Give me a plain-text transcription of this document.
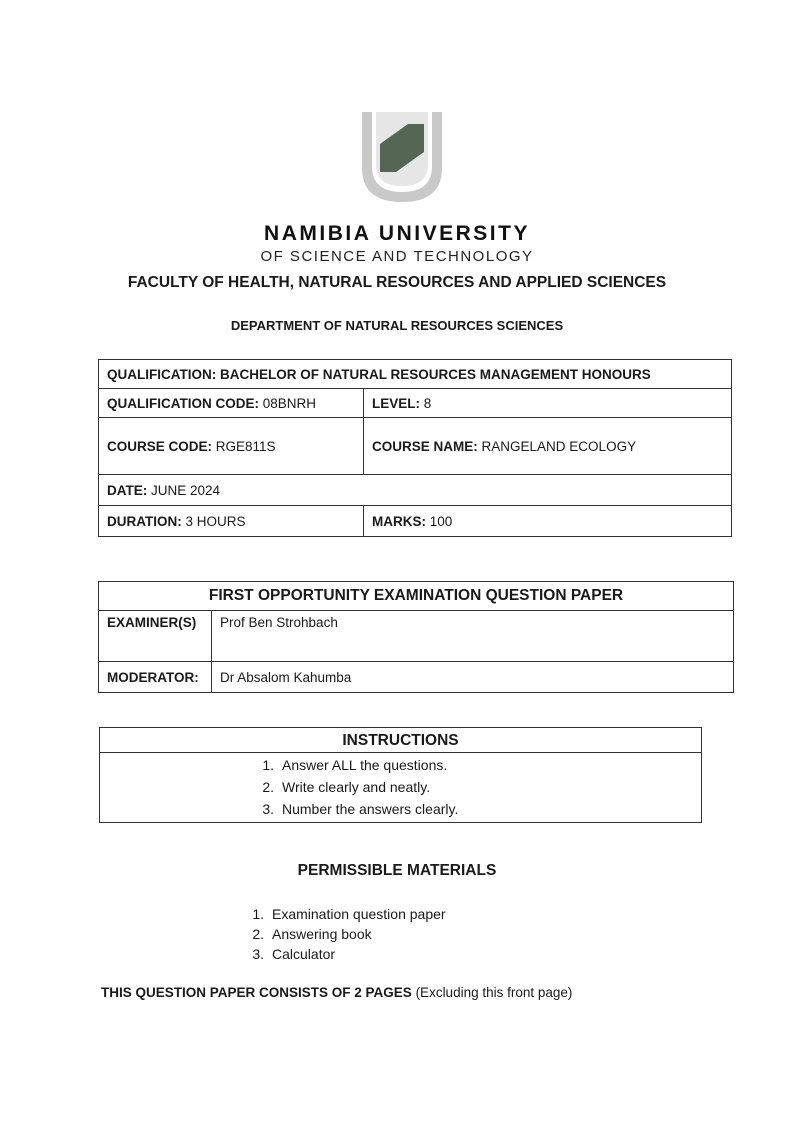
NAMIBIA UNIVERSITY
OF SCIENCE AND TECHNOLOGY
FACULTY OF HEALTH, NATURAL RESOURCES AND APPLIED SCIENCES
DEPARTMENT OF NATURAL RESOURCES SCIENCES
QUALIFICATION: BACHELOR OF NATURAL RESOURCES MANAGEMENT HONOURS	
QUALIFICATION CODE: 08BNRH	LEVEL: 8
COURSE CODE: RGE811S	COURSE NAME: RANGELAND ECOLOGY
DATE: JUNE 2024	
DURATION: 3 HOURS	MARKS: 100
FIRST OPPORTUNITY EXAMINATION QUESTION PAPER	
EXAMINER(S)	Prof Ben Strohbach
MODERATOR:	Dr Absalom Kahumba
INSTRUCTIONS
1. Answer ALL the questions.
2. Write clearly and neatly.
3. Number the answers clearly.
PERMISSIBLE MATERIALS
1. Examination question paper
2. Answering book
3. Calculator
THIS QUESTION PAPER CONSISTS OF 2 PAGES (Excluding this front page)
